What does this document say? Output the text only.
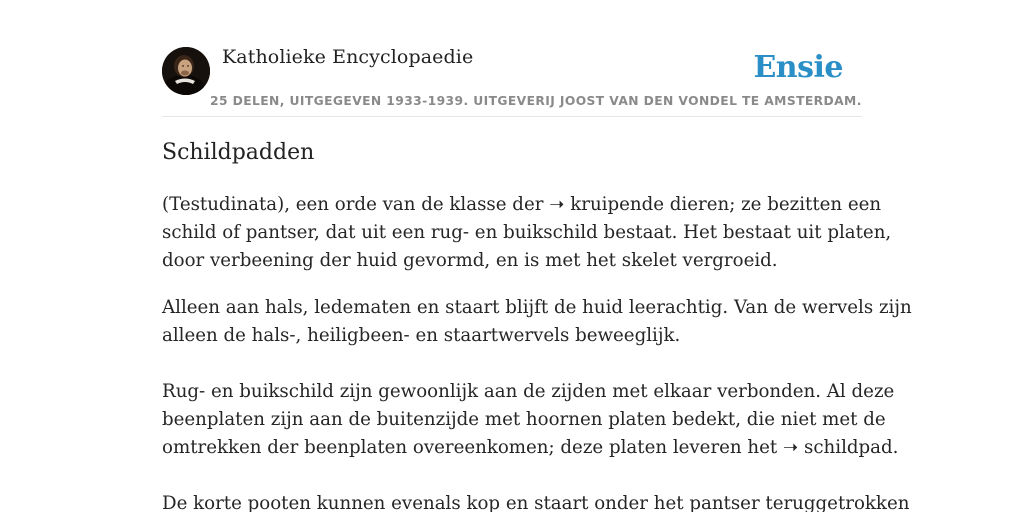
Katholieke Encyclopaedie
25 DELEN, UITGEGEVEN 1933-1939. UITGEVERIJ JOOST VAN DEN VONDEL TE AMSTERDAM.
Ensie
Schildpadden

(Testudinata), een orde van de klasse der ➝ kruipende dieren; ze bezitten een
schild of pantser, dat uit een rug- en buikschild bestaat. Het bestaat uit platen,
door verbeening der huid gevormd, en is met het skelet vergroeid.

Alleen aan hals, ledematen en staart blijft de huid leerachtig. Van de wervels zijn
alleen de hals-, heiligbeen- en staartwervels beweeglijk.

Rug- en buikschild zijn gewoonlijk aan de zijden met elkaar verbonden. Al deze
beenplaten zijn aan de buitenzijde met hoornen platen bedekt, die niet met de
omtrekken der beenplaten overeenkomen; deze platen leveren het ➝ schildpad.

De korte pooten kunnen evenals kop en staart onder het pantser teruggetrokken
